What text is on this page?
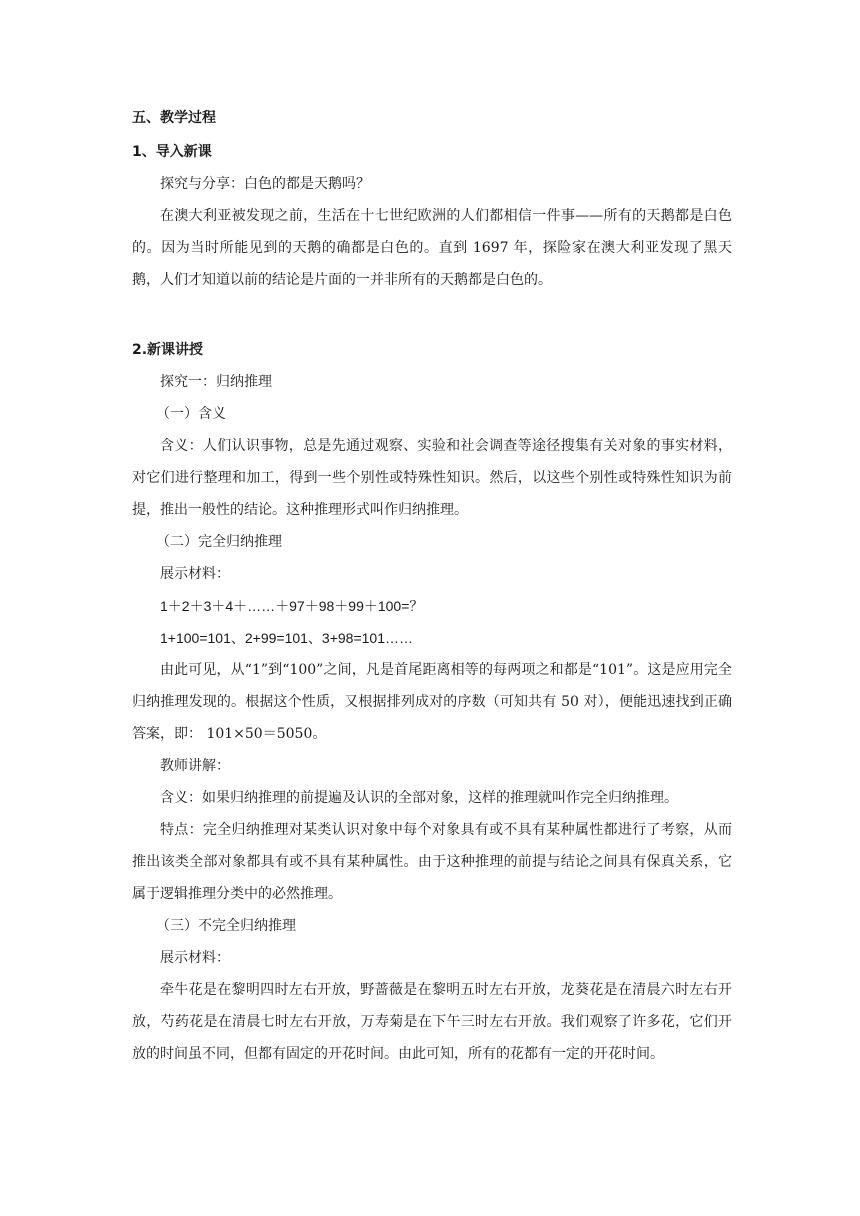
五、教学过程

1、导入新课

探究与分享：白色的都是天鹅吗？

在澳大利亚被发现之前，生活在十七世纪欧洲的人们都相信一件事——所有的天鹅都是白色的。因为当时所能见到的天鹅的确都是白色的。直到 1697 年，探险家在澳大利亚发现了黑天鹅，人们才知道以前的结论是片面的一并非所有的天鹅都是白色的。

2.新课讲授

探究一：归纳推理

（一）含义

含义：人们认识事物，总是先通过观察、实验和社会调查等途径搜集有关对象的事实材料，对它们进行整理和加工，得到一些个别性或特殊性知识。然后，以这些个别性或特殊性知识为前提，推出一般性的结论。这种推理形式叫作归纳推理。

（二）完全归纳推理

展示材料：

1＋2＋3＋4＋……＋97＋98＋99＋100=？

1+100=101、2+99=101、3+98=101……

由此可见，从“1”到“100”之间，凡是首尾距离相等的每两项之和都是“101”。这是应用完全归纳推理发现的。根据这个性质，又根据排列成对的序数（可知共有 50 对），便能迅速找到正确答案，即： 101×50＝5050。

教师讲解：

含义：如果归纳推理的前提遍及认识的全部对象，这样的推理就叫作完全归纳推理。

特点：完全归纳推理对某类认识对象中每个对象具有或不具有某种属性都进行了考察，从而推出该类全部对象都具有或不具有某种属性。由于这种推理的前提与结论之间具有保真关系，它属于逻辑推理分类中的必然推理。

（三）不完全归纳推理

展示材料：

牵牛花是在黎明四时左右开放，野蔷薇是在黎明五时左右开放，龙葵花是在清晨六时左右开放，芍药花是在清晨七时左右开放，万寿菊是在下午三时左右开放。我们观察了许多花，它们开放的时间虽不同，但都有固定的开花时间。由此可知，所有的花都有一定的开花时间。
